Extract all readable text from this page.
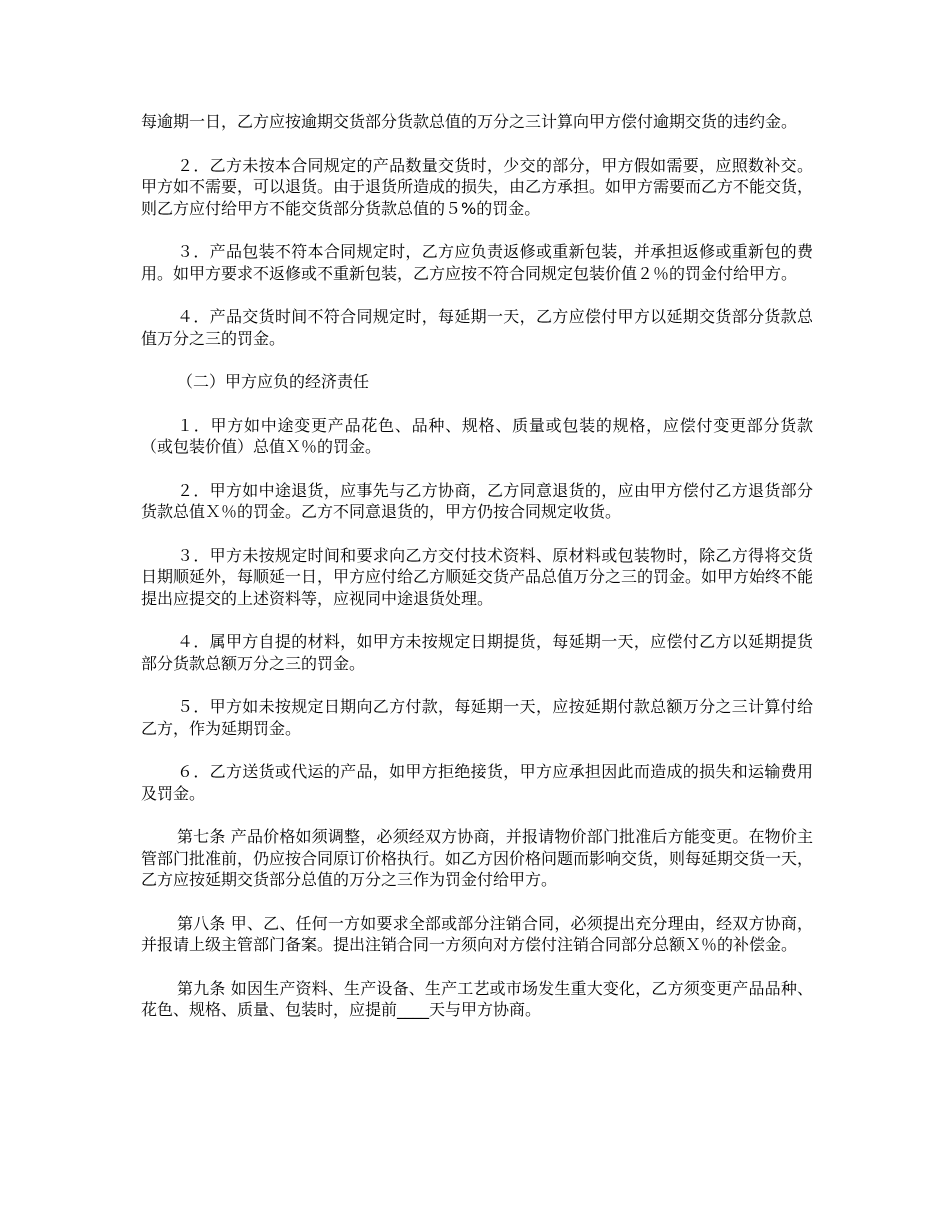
每逾期一日，乙方应按逾期交货部分货款总值的万分之三计算向甲方偿付逾期交货的违约金。

２．乙方未按本合同规定的产品数量交货时，少交的部分，甲方假如需要，应照数补交。甲方如不需要，可以退货。由于退货所造成的损失，由乙方承担。如甲方需要而乙方不能交货，则乙方应付给甲方不能交货部分货款总值的５%的罚金。

３．产品包装不符本合同规定时，乙方应负责返修或重新包装，并承担返修或重新包的费用。如甲方要求不返修或不重新包装，乙方应按不符合同规定包装价值２％的罚金付给甲方。

４．产品交货时间不符合同规定时，每延期一天，乙方应偿付甲方以延期交货部分货款总值万分之三的罚金。

（二）甲方应负的经济责任

１．甲方如中途变更产品花色、品种、规格、质量或包装的规格，应偿付变更部分货款（或包装价值）总值Ｘ％的罚金。

２．甲方如中途退货，应事先与乙方协商，乙方同意退货的，应由甲方偿付乙方退货部分货款总值Ｘ％的罚金。乙方不同意退货的，甲方仍按合同规定收货。

３．甲方未按规定时间和要求向乙方交付技术资料、原材料或包装物时，除乙方得将交货日期顺延外，每顺延一日，甲方应付给乙方顺延交货产品总值万分之三的罚金。如甲方始终不能提出应提交的上述资料等，应视同中途退货处理。

４．属甲方自提的材料，如甲方未按规定日期提货，每延期一天，应偿付乙方以延期提货部分货款总额万分之三的罚金。

５．甲方如未按规定日期向乙方付款，每延期一天，应按延期付款总额万分之三计算付给乙方，作为延期罚金。

６．乙方送货或代运的产品，如甲方拒绝接货，甲方应承担因此而造成的损失和运输费用及罚金。

第七条 产品价格如须调整，必须经双方协商，并报请物价部门批准后方能变更。在物价主管部门批准前，仍应按合同原订价格执行。如乙方因价格问题而影响交货，则每延期交货一天，乙方应按延期交货部分总值的万分之三作为罚金付给甲方。

第八条 甲、乙、任何一方如要求全部或部分注销合同，必须提出充分理由，经双方协商，并报请上级主管部门备案。提出注销合同一方须向对方偿付注销合同部分总额Ｘ％的补偿金。

第九条 如因生产资料、生产设备、生产工艺或市场发生重大变化，乙方须变更产品品种、花色、规格、质量、包装时，应提前____天与甲方协商。
